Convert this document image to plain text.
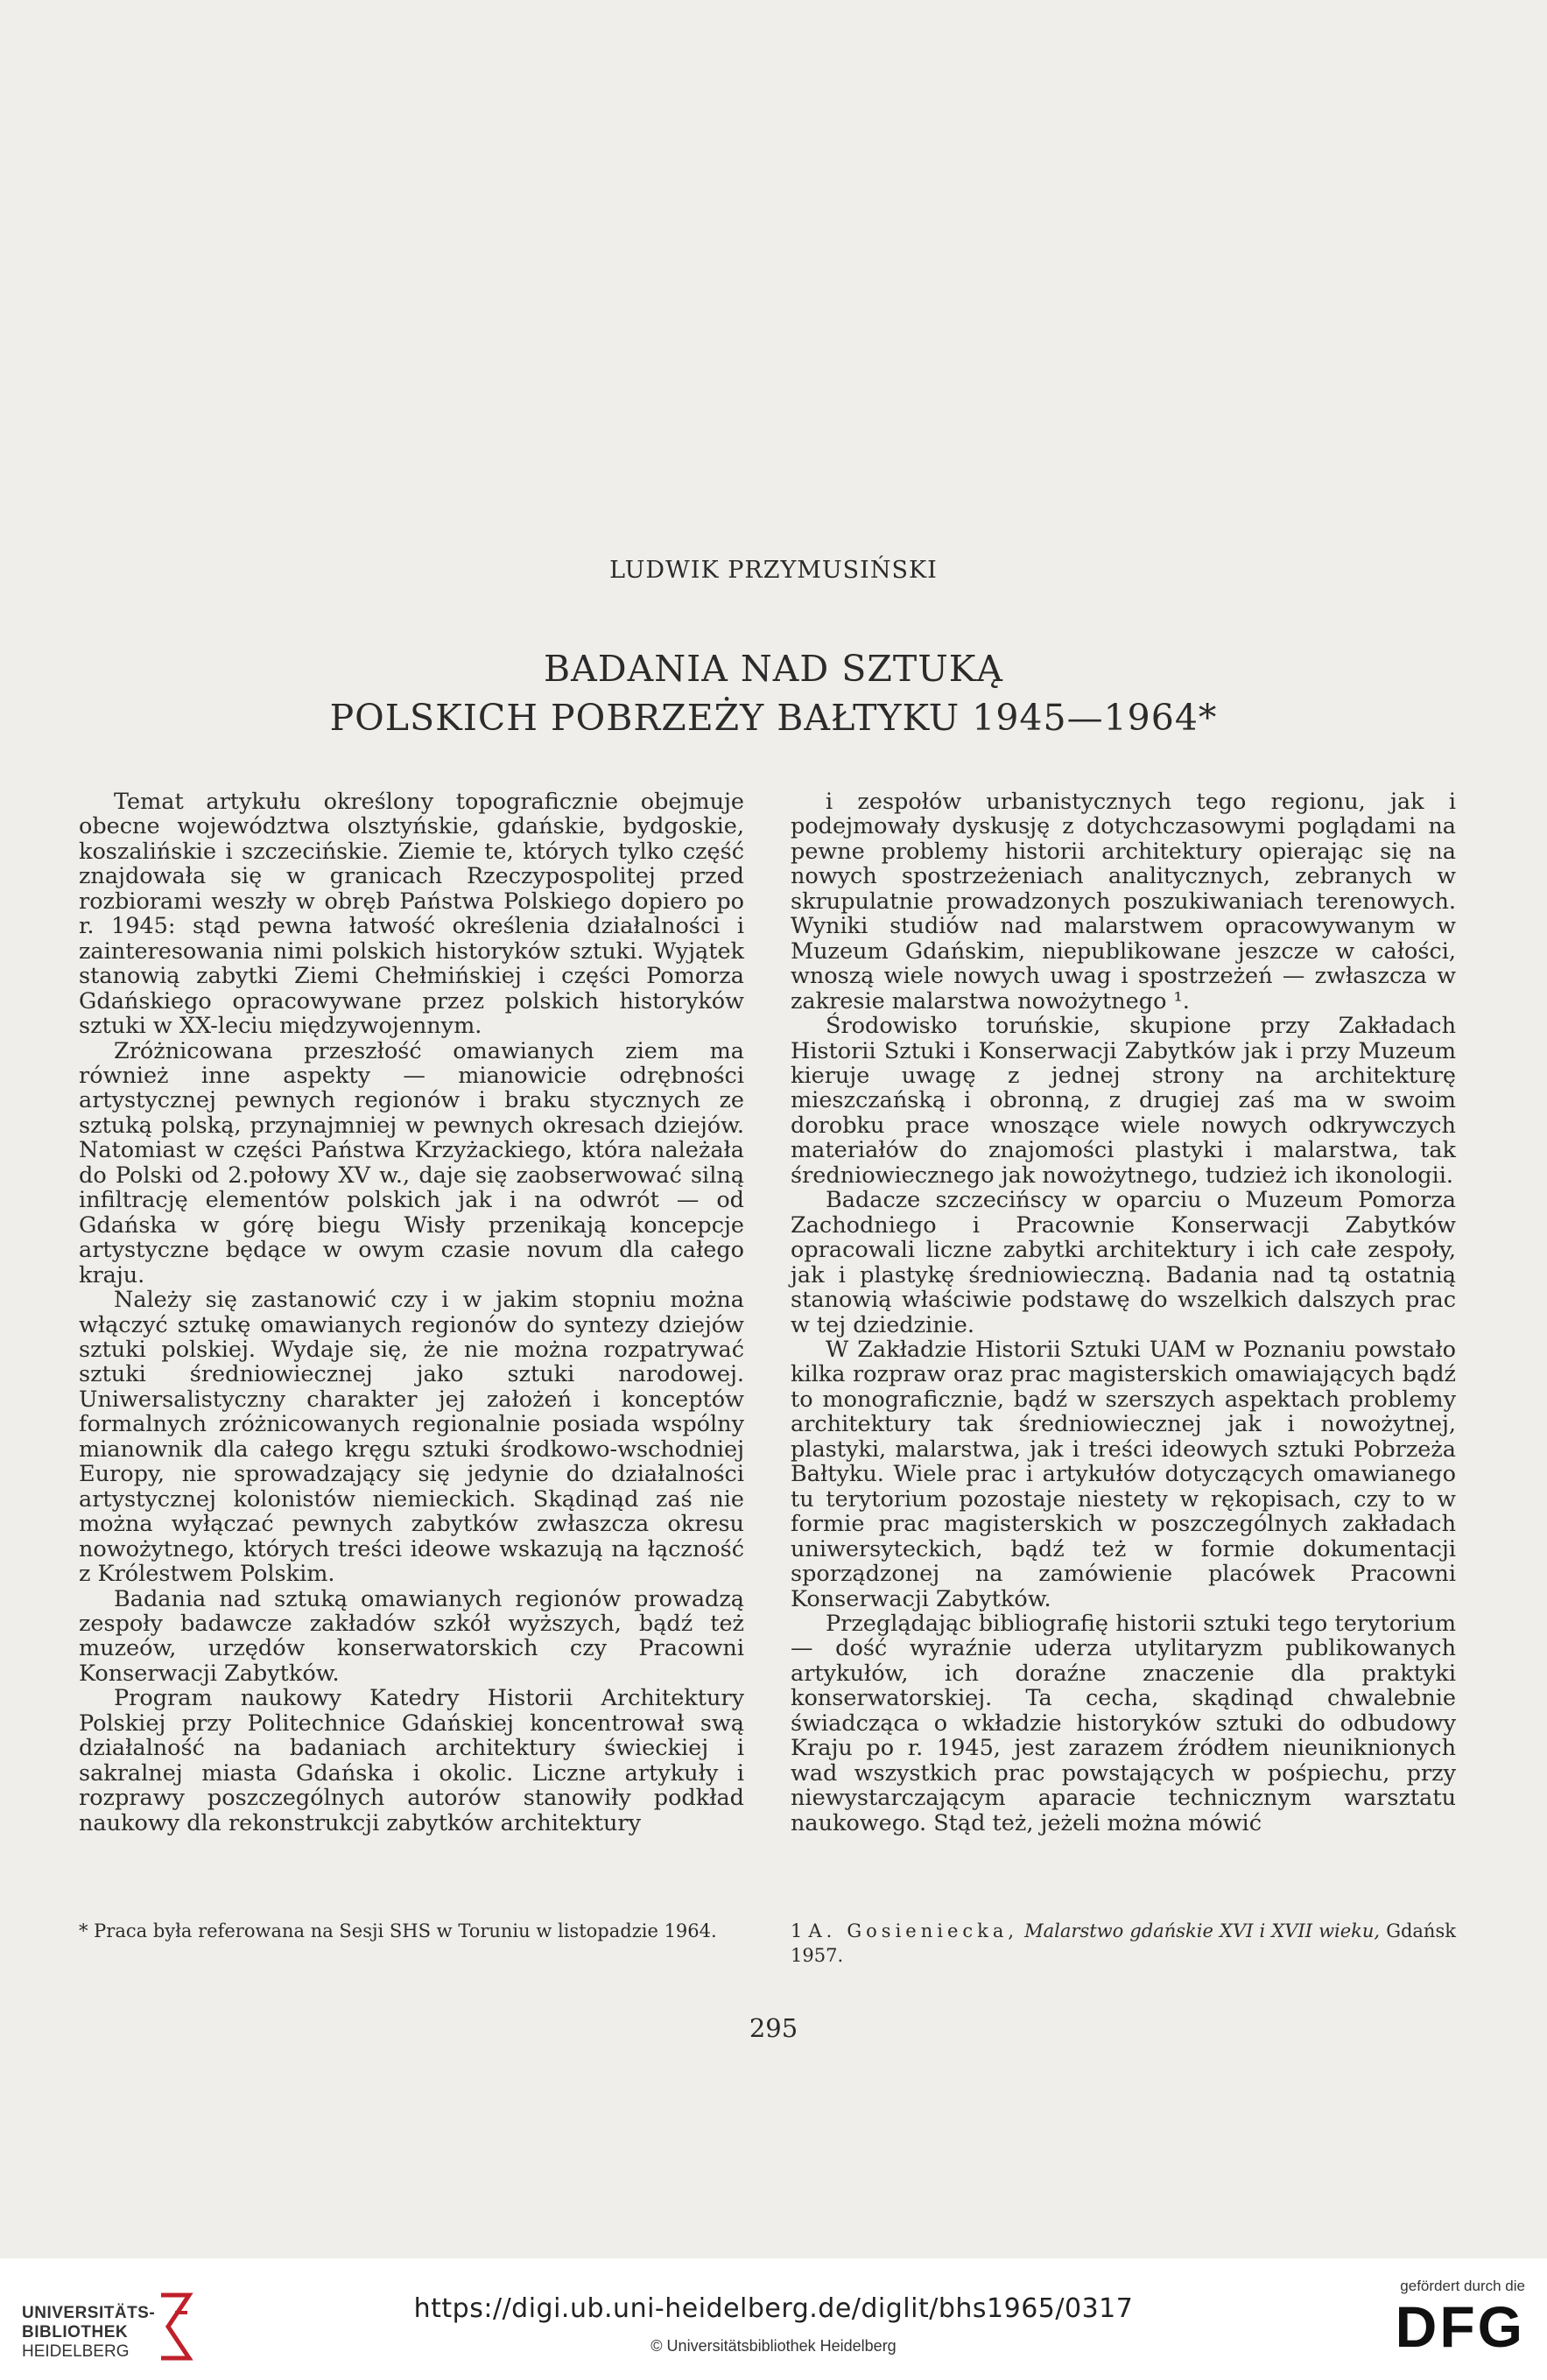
LUDWIK PRZYMUSIŃSKI
BADANIA NAD SZTUKĄ
POLSKICH POBRZEŻY BAŁTYKU 1945—1964*

Temat artykułu określony topograficznie obejmuje obecne województwa olsztyńskie, gdańskie, bydgoskie, koszalińskie i szczecińskie. Ziemie te, których tylko część znajdowała się w granicach Rzeczypospolitej przed rozbiorami weszły w obręb Państwa Polskiego dopiero po r. 1945: stąd pewna łatwość określenia działalności i zainteresowania nimi polskich historyków sztuki. Wyjątek stanowią zabytki Ziemi Chełmińskiej i części Pomorza Gdańskiego opracowywane przez polskich historyków sztuki w XX-leciu międzywojennym.

Zróżnicowana przeszłość omawianych ziem ma również inne aspekty — mianowicie odrębności artystycznej pewnych regionów i braku stycznych ze sztuką polską, przynajmniej w pewnych okresach dziejów. Natomiast w części Państwa Krzyżackiego, która należała do Polski od 2.połowy XV w., daje się zaobserwować silną infiltrację elementów polskich jak i na odwrót — od Gdańska w górę biegu Wisły przenikają koncepcje artystyczne będące w owym czasie novum dla całego kraju.

Należy się zastanowić czy i w jakim stopniu można włączyć sztukę omawianych regionów do syntezy dziejów sztuki polskiej. Wydaje się, że nie można rozpatrywać sztuki średniowiecznej jako sztuki narodowej. Uniwersalistyczny charakter jej założeń i konceptów formalnych zróżnicowanych regionalnie posiada wspólny mianownik dla całego kręgu sztuki środkowo-wschodniej Europy, nie sprowadzający się jedynie do działalności artystycznej kolonistów niemieckich. Skądinąd zaś nie można wyłączać pewnych zabytków zwłaszcza okresu nowożytnego, których treści ideowe wskazują na łączność z Królestwem Polskim.

Badania nad sztuką omawianych regionów prowadzą zespoły badawcze zakładów szkół wyższych, bądź też muzeów, urzędów konserwatorskich czy Pracowni Konserwacji Zabytków.

Program naukowy Katedry Historii Architektury Polskiej przy Politechnice Gdańskiej koncentrował swą działalność na badaniach architektury świeckiej i sakralnej miasta Gdańska i okolic. Liczne artykuły i rozprawy poszczególnych autorów stanowiły podkład naukowy dla rekonstrukcji zabytków architektury

i zespołów urbanistycznych tego regionu, jak i podejmowały dyskusję z dotychczasowymi poglądami na pewne problemy historii architektury opierając się na nowych spostrzeżeniach analitycznych, zebranych w skrupulatnie prowadzonych poszukiwaniach terenowych. Wyniki studiów nad malarstwem opracowywanym w Muzeum Gdańskim, niepublikowane jeszcze w całości, wnoszą wiele nowych uwag i spostrzeżeń — zwłaszcza w zakresie malarstwa nowożytnego ¹.

Środowisko toruńskie, skupione przy Zakładach Historii Sztuki i Konserwacji Zabytków jak i przy Muzeum kieruje uwagę z jednej strony na architekturę mieszczańską i obronną, z drugiej zaś ma w swoim dorobku prace wnoszące wiele nowych odkrywczych materiałów do znajomości plastyki i malarstwa, tak średniowiecznego jak nowożytnego, tudzież ich ikonologii.

Badacze szczecińscy w oparciu o Muzeum Pomorza Zachodniego i Pracownie Konserwacji Zabytków opracowali liczne zabytki architektury i ich całe zespoły, jak i plastykę średniowieczną. Badania nad tą ostatnią stanowią właściwie podstawę do wszelkich dalszych prac w tej dziedzinie.

W Zakładzie Historii Sztuki UAM w Poznaniu powstało kilka rozpraw oraz prac magisterskich omawiających bądź to monograficznie, bądź w szerszych aspektach problemy architektury tak średniowiecznej jak i nowożytnej, plastyki, malarstwa, jak i treści ideowych sztuki Pobrzeża Bałtyku. Wiele prac i artykułów dotyczących omawianego tu terytorium pozostaje niestety w rękopisach, czy to w formie prac magisterskich w poszczególnych zakładach uniwersyteckich, bądź też w formie dokumentacji sporządzonej na zamówienie placówek Pracowni Konserwacji Zabytków.

Przeglądając bibliografię historii sztuki tego terytorium — dość wyraźnie uderza utylitaryzm publikowanych artykułów, ich doraźne znaczenie dla praktyki konserwatorskiej. Ta cecha, skądinąd chwalebnie świadcząca o wkładzie historyków sztuki do odbudowy Kraju po r. 1945, jest zarazem źródłem nieuniknionych wad wszystkich prac powstających w pośpiechu, przy niewystarczającym aparacie technicznym warsztatu naukowego. Stąd też, jeżeli można mówić

* Praca była referowana na Sesji SHS w Toruniu w listopadzie 1964.	1 A. Gosieniecka, Malarstwo gdańskie XVI i XVII wieku, Gdańsk 1957.
295
UNIVERSITÄTS-
BIBLIOTHEK
HEIDELBERG
https://digi.ub.uni-heidelberg.de/diglit/bhs1965/0317
© Universitätsbibliothek Heidelberg
gefördert durch die
DFG
